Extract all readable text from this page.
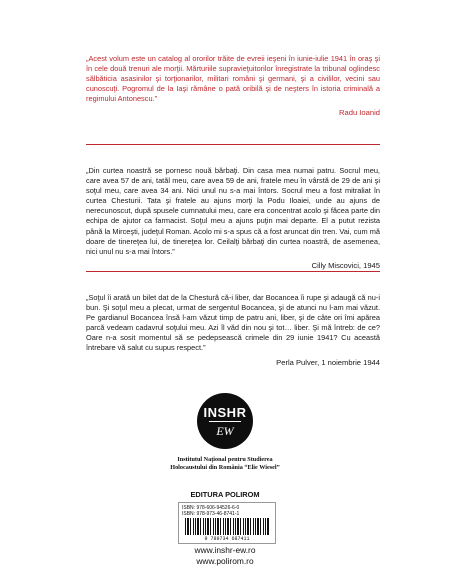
„Acest volum este un catalog al ororilor trăite de evreii ieşeni în iunie-iulie 1941 în oraş şi în cele două trenuri ale morţii. Mărturiile supravieţuitorilor înregistrate la tribunal oglindesc sălbăticia asasinilor şi torţionarilor, militari români şi germani, şi a civililor, vecini sau cunoscuţi. Pogromul de la Iaşi rămâne o pată oribilă şi de neşters în istoria criminală a regimului Antonescu.”

Radu Ioanid

„Din curtea noastră se pornesc nouă bărbaţi. Din casa mea numai patru. Socrul meu, care avea 57 de ani, tatăl meu, care avea 59 de ani, fratele meu în vârstă de 29 de ani şi soţul meu, care avea 34 ani. Nici unul nu s-a mai întors. Socrul meu a fost mitraliat în curtea Chesturii. Tata şi fratele au ajuns morţi la Podu Iloaiei, unde au ajuns de nerecunoscut, după spusele cumnatului meu, care era concentrat acolo şi făcea parte din echipa de ajutor ca farmacist. Soţul meu a ajuns puţin mai departe. El a putut rezista până la Mirceşti, judeţul Roman. Acolo mi s-a spus că a fost aruncat din tren. Vai, cum mă doare de tinereţea lui, de tinereţea lor. Ceilalţi bărbaţi din curtea noastră, de asemenea, nici unul nu s-a mai întors.”

Cilly Miscovici, 1945

„Soţul îi arată un bilet dat de la Chestură că-i liber, dar Bocancea îi rupe şi adaugă că nu-i bun. Şi soţul meu a plecat, urmat de sergentul Bocancea, şi de atunci nu l-am mai văzut. Pe gardianul Bocancea însă l-am văzut timp de patru ani, liber, şi de câte ori îmi apărea parcă vedeam cadavrul soţului meu. Azi îl văd din nou şi tot… liber. Şi mă întreb: de ce? Oare n-a sosit momentul să se pedepsească crimele din 29 iunie 1941? Cu această întrebare vă salut cu supus respect.”

Perla Pulver, 1 noiembrie 1944
INSHR
EW
Institutul Naţional pentru Studierea
Holocaustului din România “Elie Wiesel”
EDITURA POLIROM
ISBN: 978-606-94526-6-0
ISBN: 978-973-46-8741-1
9 789734 687411
www.inshr-ew.ro
www.polirom.ro
